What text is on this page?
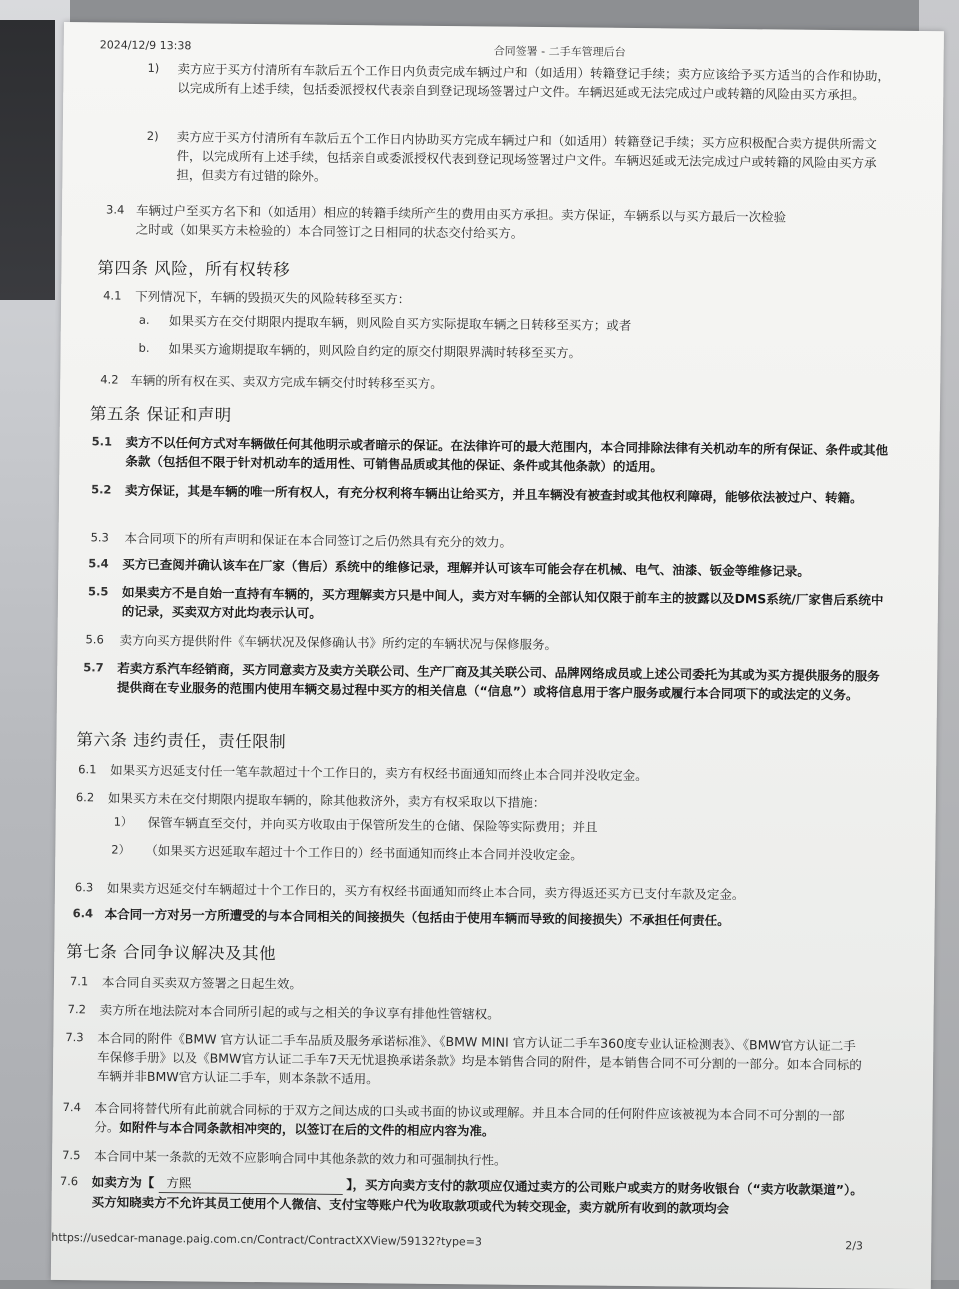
2024/12/9 13:38	合同签署 - 二手车管理后台
1)	卖方应于买方付清所有车款后五个工作日内负责完成车辆过户和（如适用）转籍登记手续；卖方应该给予买方适当的合作和协助，以完成所有上述手续，包括委派授权代表亲自到登记现场签署过户文件。车辆迟延或无法完成过户或转籍的风险由买方承担。
2)	卖方应于买方付清所有车款后五个工作日内协助买方完成车辆过户和（如适用）转籍登记手续；买方应积极配合卖方提供所需文件，以完成所有上述手续，包括亲自或委派授权代表到登记现场签署过户文件。车辆迟延或无法完成过户或转籍的风险由买方承担，但卖方有过错的除外。
3.4 车辆过户至买方名下和（如适用）相应的转籍手续所产生的费用由买方承担。卖方保证，车辆系以与买方最后一次检验之时或（如果买方未检验的）本合同签订之日相同的状态交付给买方。
第四条 风险，所有权转移
4.1	下列情况下，车辆的毁损灭失的风险转移至买方：
a.	如果买方在交付期限内提取车辆，则风险自买方实际提取车辆之日转移至买方；或者
b.	如果买方逾期提取车辆的，则风险自约定的原交付期限界满时转移至买方。
4.2 车辆的所有权在买、卖双方完成车辆交付时转移至买方。
第五条 保证和声明
5.1	卖方不以任何方式对车辆做任何其他明示或者暗示的保证。在法律许可的最大范围内，本合同排除法律有关机动车的所有保证、条件或其他条款（包括但不限于针对机动车的适用性、可销售品质或其他的保证、条件或其他条款）的适用。
5.2	卖方保证，其是车辆的唯一所有权人，有充分权利将车辆出让给买方，并且车辆没有被查封或其他权利障碍，能够依法被过户、转籍。
5.3	本合同项下的所有声明和保证在本合同签订之后仍然具有充分的效力。
5.4	买方已查阅并确认该车在厂家（售后）系统中的维修记录，理解并认可该车可能会存在机械、电气、油漆、钣金等维修记录。
5.5	如果卖方不是自始一直持有车辆的，买方理解卖方只是中间人，卖方对车辆的全部认知仅限于前车主的披露以及DMS系统/厂家售后系统中的记录，买卖双方对此均表示认可。
5.6	卖方向买方提供附件《车辆状况及保修确认书》所约定的车辆状况与保修服务。
5.7	若卖方系汽车经销商，买方同意卖方及卖方关联公司、生产厂商及其关联公司、品牌网络成员或上述公司委托为其或为买方提供服务的服务提供商在专业服务的范围内使用车辆交易过程中买方的相关信息（“信息”）或将信息用于客户服务或履行本合同项下的或法定的义务。
第六条 违约责任，责任限制
6.1	如果买方迟延支付任一笔车款超过十个工作日的，卖方有权经书面通知而终止本合同并没收定金。
6.2	如果买方未在交付期限内提取车辆的，除其他救济外，卖方有权采取以下措施：
1）	保管车辆直至交付，并向买方收取由于保管所发生的仓储、保险等实际费用；并且
2）	（如果买方迟延取车超过十个工作日的）经书面通知而终止本合同并没收定金。
6.3	如果卖方迟延交付车辆超过十个工作日的，买方有权经书面通知而终止本合同，卖方得返还买方已支付车款及定金。
6.4 本合同一方对另一方所遭受的与本合同相关的间接损失（包括由于使用车辆而导致的间接损失）不承担任何责任。
第七条 合同争议解决及其他
7.1	本合同自买卖双方签署之日起生效。
7.2	卖方所在地法院对本合同所引起的或与之相关的争议享有排他性管辖权。
7.3	本合同的附件《BMW 官方认证二手车品质及服务承诺标准》、《BMW MINI 官方认证二手车360度专业认证检测表》、《BMW官方认证二手车保修手册》以及《BMW官方认证二手车7天无忧退换承诺条款》均是本销售合同的附件，是本销售合同不可分割的一部分。如本合同标的车辆并非BMW官方认证二手车，则本条款不适用。
7.4	本合同将替代所有此前就合同标的于双方之间达成的口头或书面的协议或理解。并且本合同的任何附件应该被视为本合同不可分割的一部分。如附件与本合同条款相冲突的，以签订在后的文件的相应内容为准。
7.5	本合同中某一条款的无效不应影响合同中其他条款的效力和可强制执行性。
7.6	如卖方为【 方熙	】，买方向卖方支付的款项应仅通过卖方的公司账户或卖方的财务收银台（“卖方收款渠道”）。买方知晓卖方不允许其员工使用个人微信、支付宝等账户代为收取款项或代为转交现金，卖方就所有收到的款项均会
https://usedcar-manage.paig.com.cn/Contract/ContractXXView/59132?type=3	2/3
